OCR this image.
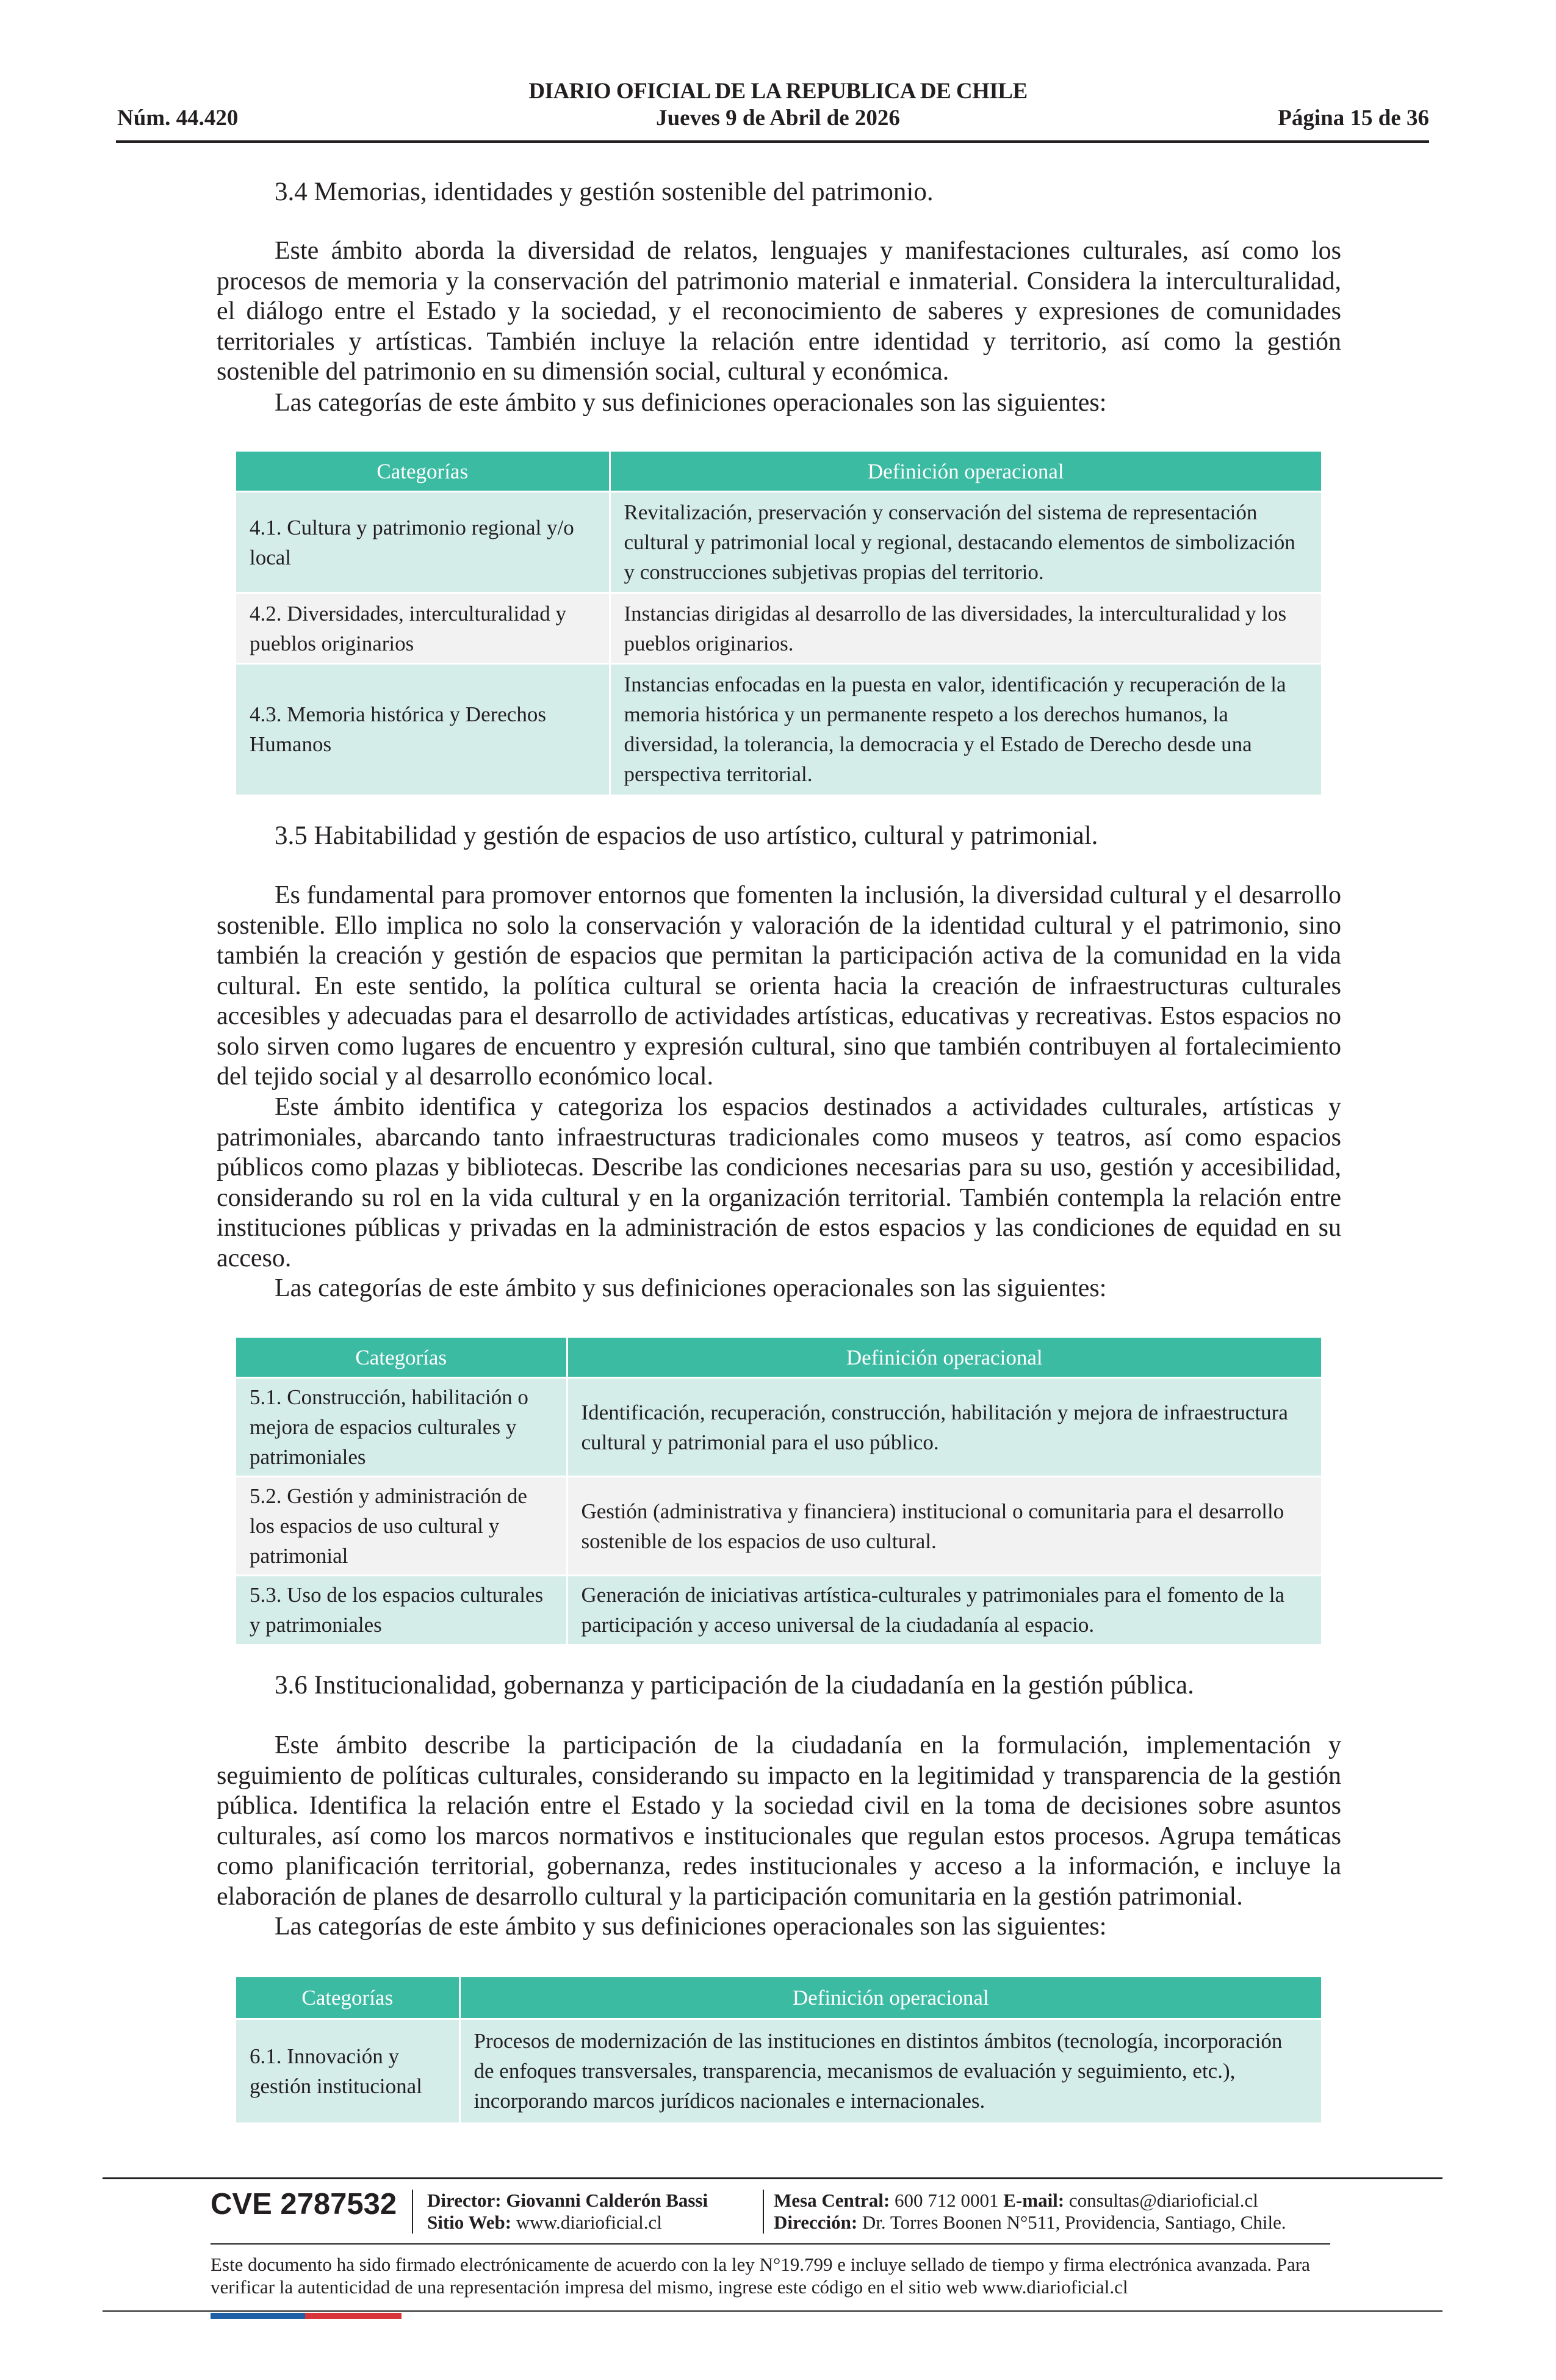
DIARIO OFICIAL DE LA REPUBLICA DE CHILE
Núm. 44.420	Jueves 9 de Abril de 2026	Página 15 de 36
3.4 Memorias, identidades y gestión sostenible del patrimonio.

Este ámbito aborda la diversidad de relatos, lenguajes y manifestaciones culturales, así como los procesos de memoria y la conservación del patrimonio material e inmaterial. Considera la interculturalidad, el diálogo entre el Estado y la sociedad, y el reconocimiento de saberes y expresiones de comunidades territoriales y artísticas. También incluye la relación entre identidad y territorio, así como la gestión sostenible del patrimonio en su dimensión social, cultural y económica.

Las categorías de este ámbito y sus definiciones operacionales son las siguientes:
Categorías	Definición operacional
4.1. Cultura y patrimonio regional y/o local	Revitalización, preservación y conservación del sistema de representación cultural y patrimonial local y regional, destacando elementos de simbolización y construcciones subjetivas propias del territorio.
4.2. Diversidades, interculturalidad y pueblos originarios	Instancias dirigidas al desarrollo de las diversidades, la interculturalidad y los pueblos originarios.
4.3. Memoria histórica y Derechos Humanos	Instancias enfocadas en la puesta en valor, identificación y recuperación de la memoria histórica y un permanente respeto a los derechos humanos, la diversidad, la tolerancia, la democracia y el Estado de Derecho desde una perspectiva territorial.
3.5 Habitabilidad y gestión de espacios de uso artístico, cultural y patrimonial.

Es fundamental para promover entornos que fomenten la inclusión, la diversidad cultural y el desarrollo sostenible. Ello implica no solo la conservación y valoración de la identidad cultural y el patrimonio, sino también la creación y gestión de espacios que permitan la participación activa de la comunidad en la vida cultural. En este sentido, la política cultural se orienta hacia la creación de infraestructuras culturales accesibles y adecuadas para el desarrollo de actividades artísticas, educativas y recreativas. Estos espacios no solo sirven como lugares de encuentro y expresión cultural, sino que también contribuyen al fortalecimiento del tejido social y al desarrollo económico local.

Este ámbito identifica y categoriza los espacios destinados a actividades culturales, artísticas y patrimoniales, abarcando tanto infraestructuras tradicionales como museos y teatros, así como espacios públicos como plazas y bibliotecas. Describe las condiciones necesarias para su uso, gestión y accesibilidad, considerando su rol en la vida cultural y en la organización territorial. También contempla la relación entre instituciones públicas y privadas en la administración de estos espacios y las condiciones de equidad en su acceso.

Las categorías de este ámbito y sus definiciones operacionales son las siguientes:
Categorías	Definición operacional
5.1. Construcción, habilitación o mejora de espacios culturales y patrimoniales	Identificación, recuperación, construcción, habilitación y mejora de infraestructura cultural y patrimonial para el uso público.
5.2. Gestión y administración de los espacios de uso cultural y patrimonial	Gestión (administrativa y financiera) institucional o comunitaria para el desarrollo sostenible de los espacios de uso cultural.
5.3. Uso de los espacios culturales y patrimoniales	Generación de iniciativas artística-culturales y patrimoniales para el fomento de la participación y acceso universal de la ciudadanía al espacio.
3.6 Institucionalidad, gobernanza y participación de la ciudadanía en la gestión pública.

Este ámbito describe la participación de la ciudadanía en la formulación, implementación y seguimiento de políticas culturales, considerando su impacto en la legitimidad y transparencia de la gestión pública. Identifica la relación entre el Estado y la sociedad civil en la toma de decisiones sobre asuntos culturales, así como los marcos normativos e institucionales que regulan estos procesos. Agrupa temáticas como planificación territorial, gobernanza, redes institucionales y acceso a la información, e incluye la elaboración de planes de desarrollo cultural y la participación comunitaria en la gestión patrimonial.

Las categorías de este ámbito y sus definiciones operacionales son las siguientes:
Categorías	Definición operacional
6.1. Innovación y gestión institucional	Procesos de modernización de las instituciones en distintos ámbitos (tecnología, incorporación de enfoques transversales, transparencia, mecanismos de evaluación y seguimiento, etc.), incorporando marcos jurídicos nacionales e internacionales.
CVE 2787532 Director: Giovanni Calderón Bassi
Sitio Web: www.diarioficial.cl
Mesa Central: 600 712 0001 E-mail: consultas@diarioficial.cl
Dirección: Dr. Torres Boonen N°511, Providencia, Santiago, Chile.
Este documento ha sido firmado electrónicamente de acuerdo con la ley N°19.799 e incluye sellado de tiempo y firma electrónica avanzada. Para verificar la autenticidad de una representación impresa del mismo, ingrese este código en el sitio web www.diarioficial.cl
